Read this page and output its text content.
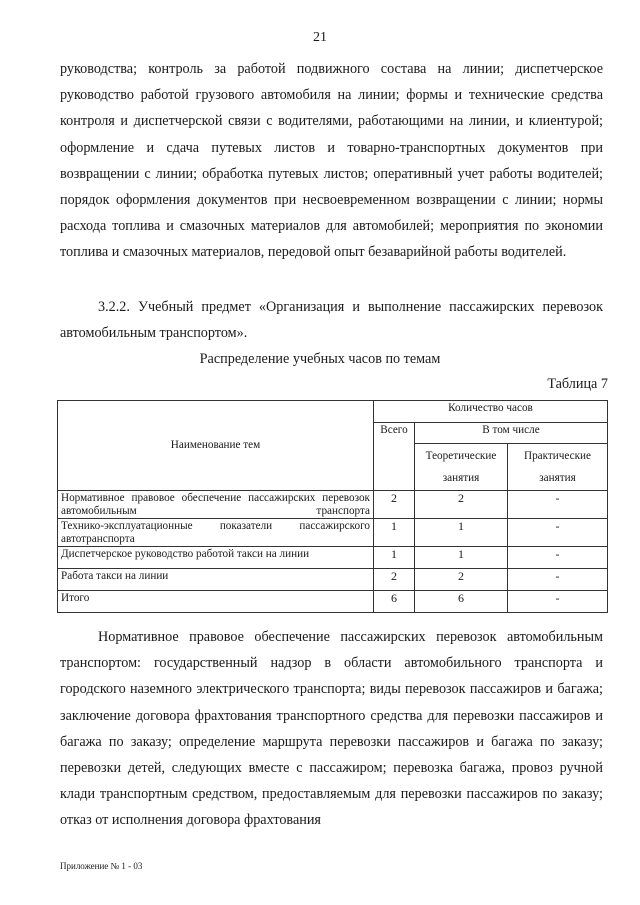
21

руководства; контроль за работой подвижного состава на линии; диспетчерское руководство работой грузового автомобиля на линии; формы и технические средства контроля и диспетчерской связи с водителями, работающими на линии, и клиентурой; оформление и сдача путевых листов и товарно-транспортных документов при возвращении с линии; обработка путевых листов; оперативный учет работы водителей; порядок оформления документов при несвоевременном возвращении с линии; нормы расхода топлива и смазочных материалов для автомобилей; мероприятия по экономии топлива и смазочных материалов, передовой опыт безаварийной работы водителей.

3.2.2. Учебный предмет «Организация и выполнение пассажирских перевозок автомобильным транспортом».

Распределение учебных часов по темам
Таблица 7
Наименование тем	Количество часов		
	Всего	В том числе	
		Теоретические занятия	Практические занятия
Нормативное правовое обеспечение пассажирских перевозок автомобильным транспорта	2	2	-
Технико-эксплуатационные показатели пассажирского автотранспорта	1	1	-
Диспетчерское руководство работой такси на линии	1	1	-
Работа такси на линии	2	2	-
Итого	6	6	-

Нормативное правовое обеспечение пассажирских перевозок автомобильным транспортом: государственный надзор в области автомобильного транспорта и городского наземного электрического транспорта; виды перевозок пассажиров и багажа; заключение договора фрахтования транспортного средства для перевозки пассажиров и багажа по заказу; определение маршрута перевозки пассажиров и багажа по заказу; перевозки детей, следующих вместе с пассажиром; перевозка багажа, провоз ручной клади транспортным средством, предоставляемым для перевозки пассажиров по заказу; отказ от исполнения договора фрахтования

Приложение № 1 - 03
